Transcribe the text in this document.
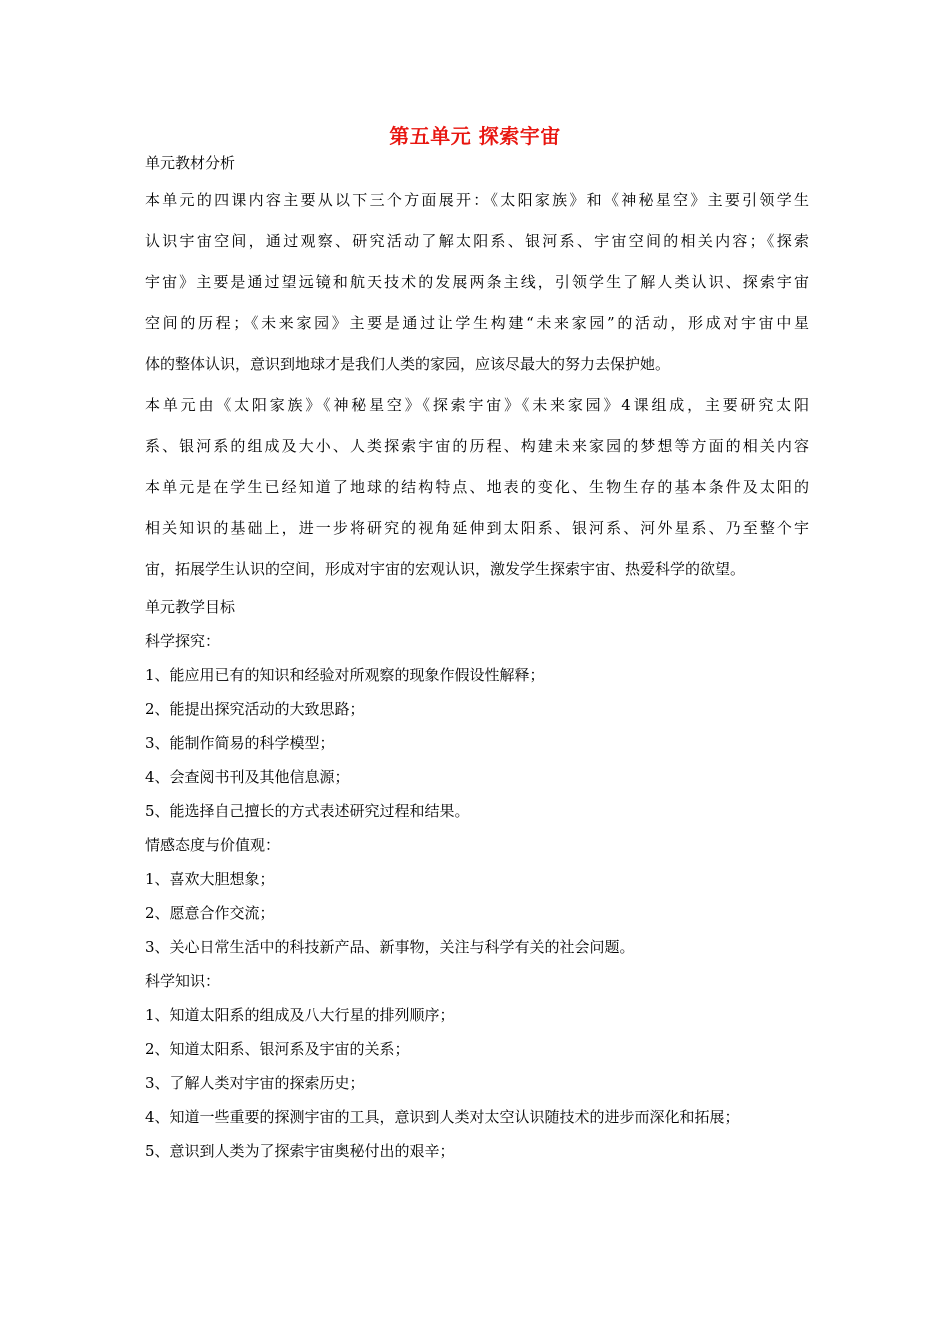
第五单元 探索宇宙
单元教材分析
本单元的四课内容主要从以下三个方面展开：《太阳家族》和《神秘星空》主要引领学生
认识宇宙空间，通过观察、研究活动了解太阳系、银河系、宇宙空间的相关内容；《探索
宇宙》主要是通过望远镜和航天技术的发展两条主线，引领学生了解人类认识、探索宇宙
空间的历程；《未来家园》主要是通过让学生构建“未来家园”的活动，形成对宇宙中星
体的整体认识，意识到地球才是我们人类的家园，应该尽最大的努力去保护她。
本单元由《太阳家族》《神秘星空》《探索宇宙》《未来家园》4课组成，主要研究太阳
系、银河系的组成及大小、人类探索宇宙的历程、构建未来家园的梦想等方面的相关内容
本单元是在学生已经知道了地球的结构特点、地表的变化、生物生存的基本条件及太阳的
相关知识的基础上，进一步将研究的视角延伸到太阳系、银河系、河外星系、乃至整个宇
宙，拓展学生认识的空间，形成对宇宙的宏观认识，激发学生探索宇宙、热爱科学的欲望。
单元教学目标
科学探究：
1、能应用已有的知识和经验对所观察的现象作假设性解释；
2、能提出探究活动的大致思路；
3、能制作简易的科学模型；
4、会查阅书刊及其他信息源；
5、能选择自己擅长的方式表述研究过程和结果。
情感态度与价值观：
1、喜欢大胆想象；
2、愿意合作交流；
3、关心日常生活中的科技新产品、新事物，关注与科学有关的社会问题。
科学知识：
1、知道太阳系的组成及八大行星的排列顺序；
2、知道太阳系、银河系及宇宙的关系；
3、了解人类对宇宙的探索历史；
4、知道一些重要的探测宇宙的工具，意识到人类对太空认识随技术的进步而深化和拓展；
5、意识到人类为了探索宇宙奥秘付出的艰辛；
